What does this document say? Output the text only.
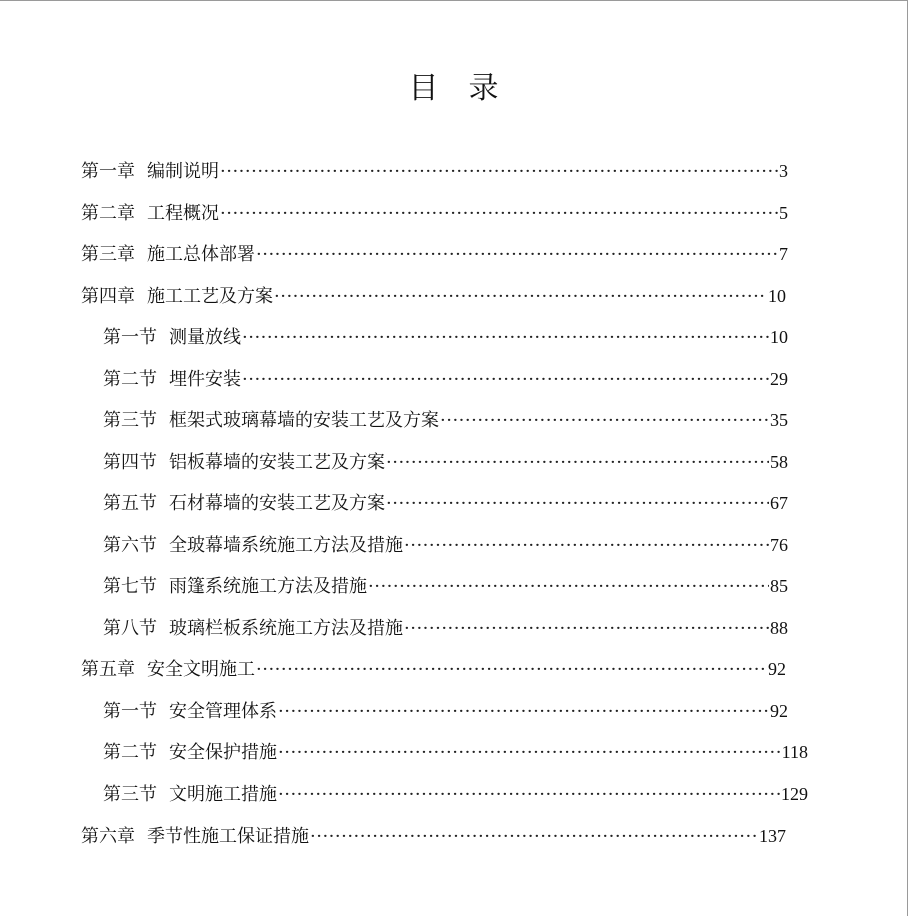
目 录
第一章 编制说明 ·····	3
第二章 工程概况 ·····	5
第三章 施工总体部署 ·····	7
第四章 施工工艺及方案 ·····	10
第一节 测量放线 ·····	10
第二节 埋件安装 ·····	29
第三节 框架式玻璃幕墙的安装工艺及方案 ·····	35
第四节 铝板幕墙的安装工艺及方案 ·····	58
第五节 石材幕墙的安装工艺及方案 ·····	67
第六节 全玻幕墙系统施工方法及措施 ·····	76
第七节 雨篷系统施工方法及措施 ·····	85
第八节 玻璃栏板系统施工方法及措施 ·····	88
第五章 安全文明施工 ·····	92
第一节 安全管理体系 ·····	92
第二节 安全保护措施 ·····	118
第三节 文明施工措施 ·····	129
第六章 季节性施工保证措施 ·····	137
